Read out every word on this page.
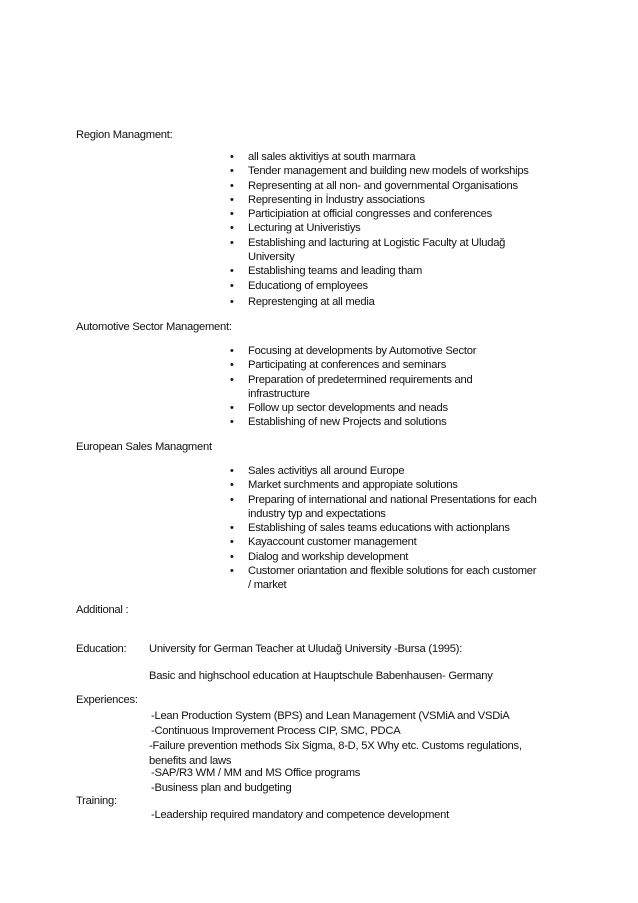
Region Managment:
• all sales aktivitiys at south marmara
• Tender management and building new models of workships
• Representing at all non- and governmental Organisations
• Representing in İndustry associations
• Participiation at official congresses and conferences
• Lecturing at Univeristiys
• Establishing and lacturing at Logistic Faculty at Uludağ University
• Establishing teams and leading tham
• Educationg of employees
• Represtenging at all media
Automotive Sector Management:
• Focusing at developments by Automotive Sector
• Participating at conferences and seminars
• Preparation of predetermined requirements and infrastructure
• Follow up sector developments and neads
• Establishing of new Projects and solutions
European Sales Managment
• Sales activitiys all around Europe
• Market surchments and appropiate solutions
• Preparing of international and national Presentations for each industry typ and expectations
• Establishing of sales teams educations with actionplans
• Kayaccount customer management
• Dialog and workship development
• Customer oriantation and flexible solutions for each customer / market
Additional :
Education: University for German Teacher at Uludağ University -Bursa (1995):
Basic and highschool education at Hauptschule Babenhausen- Germany
Experiences:
-Lean Production System (BPS) and Lean Management (VSMiA and VSDiA
-Continuous Improvement Process CIP, SMC, PDCA
-Failure prevention methods Six Sigma, 8-D, 5X Why etc. Customs regulations, benefits and laws
-SAP/R3 WM / MM and MS Office programs
-Business plan and budgeting
Training:
-Leadership required mandatory and competence development
